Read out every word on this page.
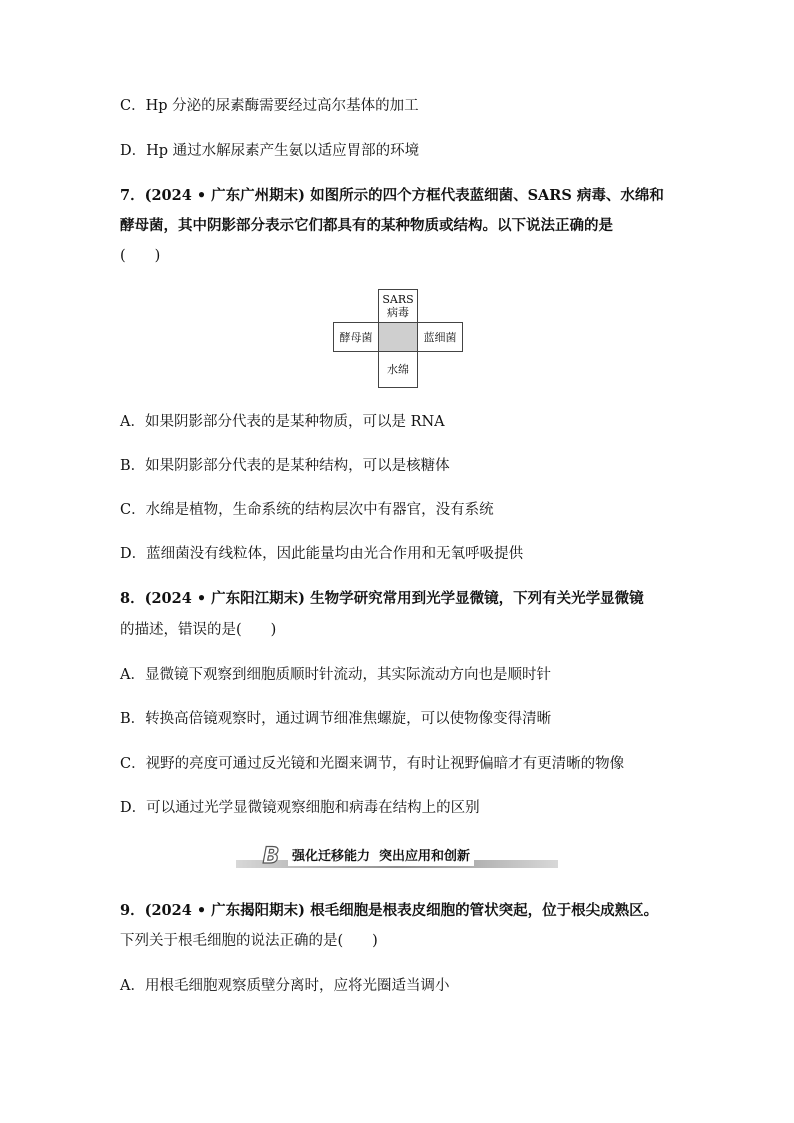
C．Hp 分泌的尿素酶需要经过高尔基体的加工
D．Hp 通过水解尿素产生氨以适应胃部的环境
7．(2024 • 广东广州期末) 如图所示的四个方框代表蓝细菌、SARS 病毒、水绵和
酵母菌，其中阴影部分表示它们都具有的某种物质或结构。以下说法正确的是
(　　)
SARS
病毒
酵母菌	蓝细菌
水绵
A．如果阴影部分代表的是某种物质，可以是 RNA
B．如果阴影部分代表的是某种结构，可以是核糖体
C．水绵是植物，生命系统的结构层次中有器官，没有系统
D．蓝细菌没有线粒体，因此能量均由光合作用和无氧呼吸提供
8．(2024 • 广东阳江期末) 生物学研究常用到光学显微镜，下列有关光学显微镜
的描述，错误的是(　　)
A．显微镜下观察到细胞质顺时针流动，其实际流动方向也是顺时针
B．转换高倍镜观察时，通过调节细准焦螺旋，可以使物像变得清晰
C．视野的亮度可通过反光镜和光圈来调节，有时让视野偏暗才有更清晰的物像
D．可以通过光学显微镜观察细胞和病毒在结构上的区别
B 强化迁移能力  突出应用和创新
9．(2024 • 广东揭阳期末) 根毛细胞是根表皮细胞的管状突起，位于根尖成熟区。
下列关于根毛细胞的说法正确的是(　　)
A．用根毛细胞观察质壁分离时，应将光圈适当调小
